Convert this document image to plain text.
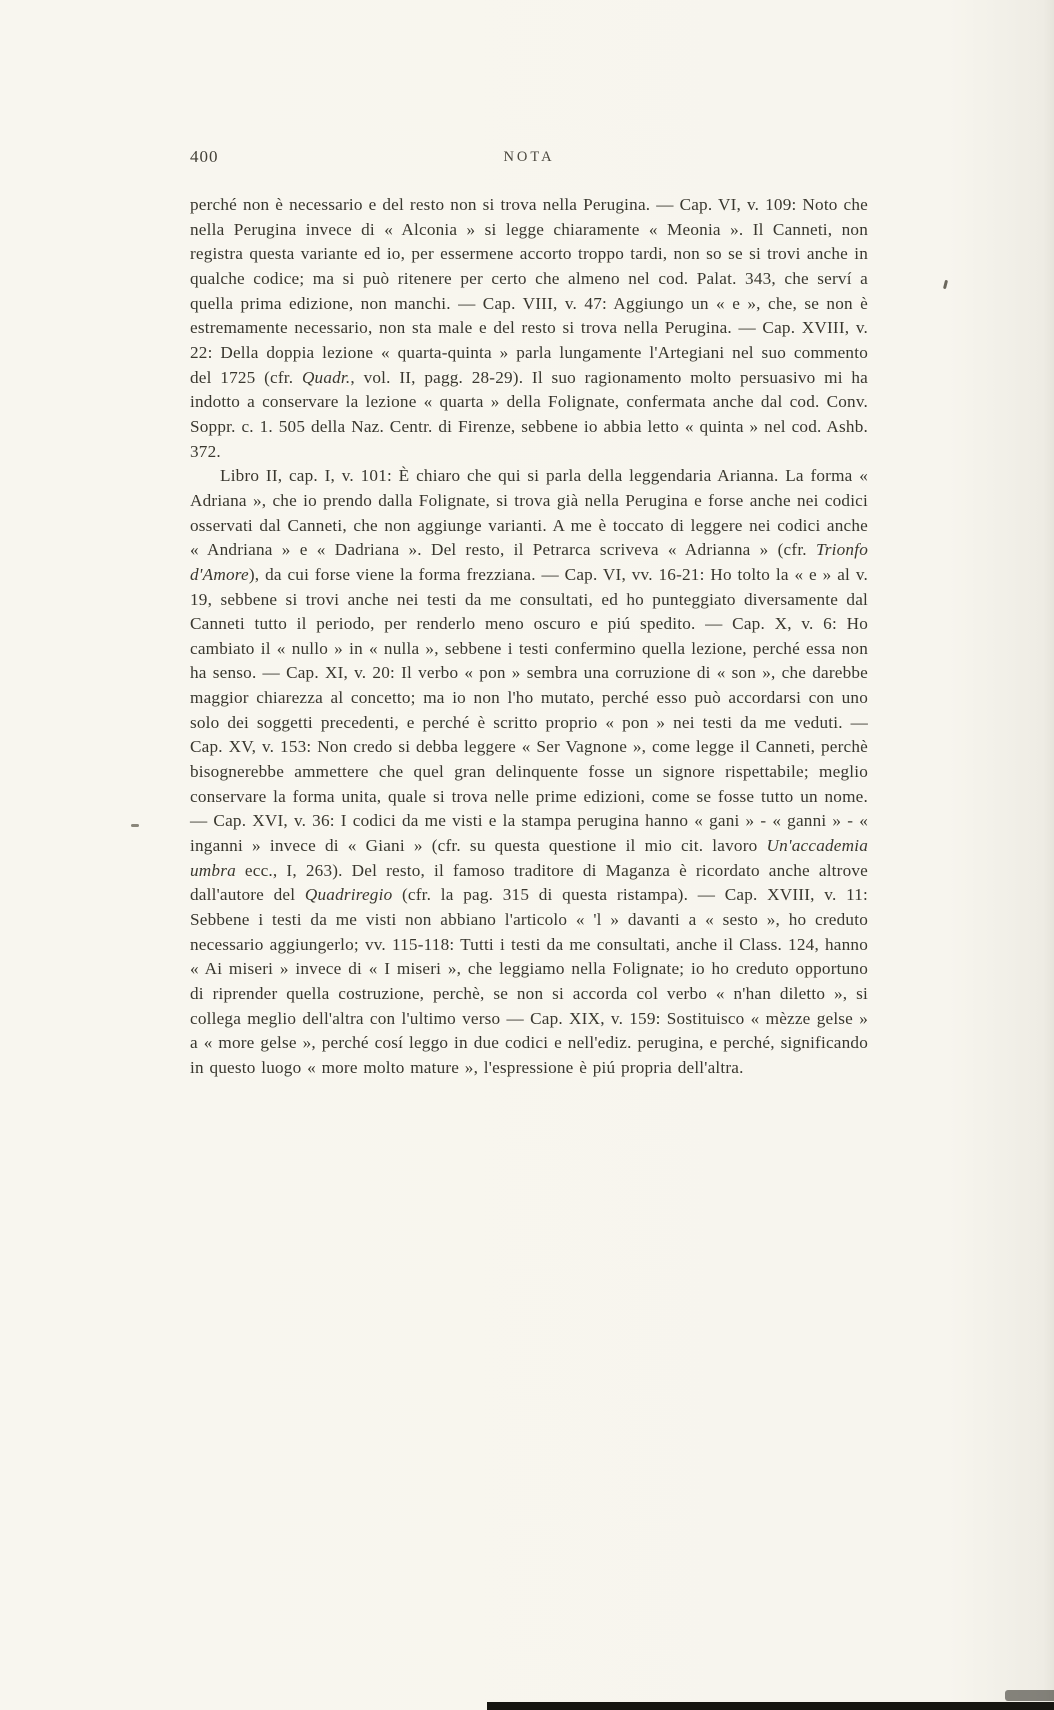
400	NOTA

perché non è necessario e del resto non si trova nella Perugina. — Cap. VI, v. 109: Noto che nella Perugina invece di « Alconia » si legge chiaramente « Meonia ». Il Canneti, non registra questa variante ed io, per essermene accorto troppo tardi, non so se si trovi anche in qualche codice; ma si può ritenere per certo che almeno nel cod. Palat. 343, che serví a quella prima edizione, non manchi. — Cap. VIII, v. 47: Aggiungo un « e », che, se non è estremamente necessario, non sta male e del resto si trova nella Perugina. — Cap. XVIII, v. 22: Della doppia lezione « quarta-quinta » parla lungamente l'Artegiani nel suo commento del 1725 (cfr. Quadr., vol. II, pagg. 28-29). Il suo ragionamento molto persuasivo mi ha indotto a conservare la lezione « quarta » della Folignate, confermata anche dal cod. Conv. Soppr. c. 1. 505 della Naz. Centr. di Firenze, sebbene io abbia letto « quinta » nel cod. Ashb. 372.

Libro II, cap. I, v. 101: È chiaro che qui si parla della leggendaria Arianna. La forma « Adriana », che io prendo dalla Folignate, si trova già nella Perugina e forse anche nei codici osservati dal Canneti, che non aggiunge varianti. A me è toccato di leggere nei codici anche « Andriana » e « Dadriana ». Del resto, il Petrarca scriveva « Adrianna » (cfr. Trionfo d'Amore), da cui forse viene la forma frezziana. — Cap. VI, vv. 16-21: Ho tolto la « e » al v. 19, sebbene si trovi anche nei testi da me consultati, ed ho punteggiato diversamente dal Canneti tutto il periodo, per renderlo meno oscuro e piú spedito. — Cap. X, v. 6: Ho cambiato il « nullo » in « nulla », sebbene i testi confermino quella lezione, perché essa non ha senso. — Cap. XI, v. 20: Il verbo « pon » sembra una corruzione di « son », che darebbe maggior chiarezza al concetto; ma io non l'ho mutato, perché esso può accordarsi con uno solo dei soggetti precedenti, e perché è scritto proprio « pon » nei testi da me veduti. — Cap. XV, v. 153: Non credo si debba leggere « Ser Vagnone », come legge il Canneti, perchè bisognerebbe ammettere che quel gran delinquente fosse un signore rispettabile; meglio conservare la forma unita, quale si trova nelle prime edizioni, come se fosse tutto un nome. — Cap. XVI, v. 36: I codici da me visti e la stampa perugina hanno « gani » - « ganni » - « inganni » invece di « Giani » (cfr. su questa questione il mio cit. lavoro Un'accademia umbra ecc., I, 263). Del resto, il famoso traditore di Maganza è ricordato anche altrove dall'autore del Quadriregio (cfr. la pag. 315 di questa ristampa). — Cap. XVIII, v. 11: Sebbene i testi da me visti non abbiano l'articolo « 'l » davanti a « sesto », ho creduto necessario aggiungerlo; vv. 115-118: Tutti i testi da me consultati, anche il Class. 124, hanno « Ai miseri » invece di « I miseri », che leggiamo nella Folignate; io ho creduto opportuno di riprender quella costruzione, perchè, se non si accorda col verbo « n'han diletto », si collega meglio dell'altra con l'ultimo verso — Cap. XIX, v. 159: Sostituisco « mèzze gelse » a « more gelse », perché cosí leggo in due codici e nell'ediz. perugina, e perché, significando in questo luogo « more molto mature », l'espressione è piú propria dell'altra.
